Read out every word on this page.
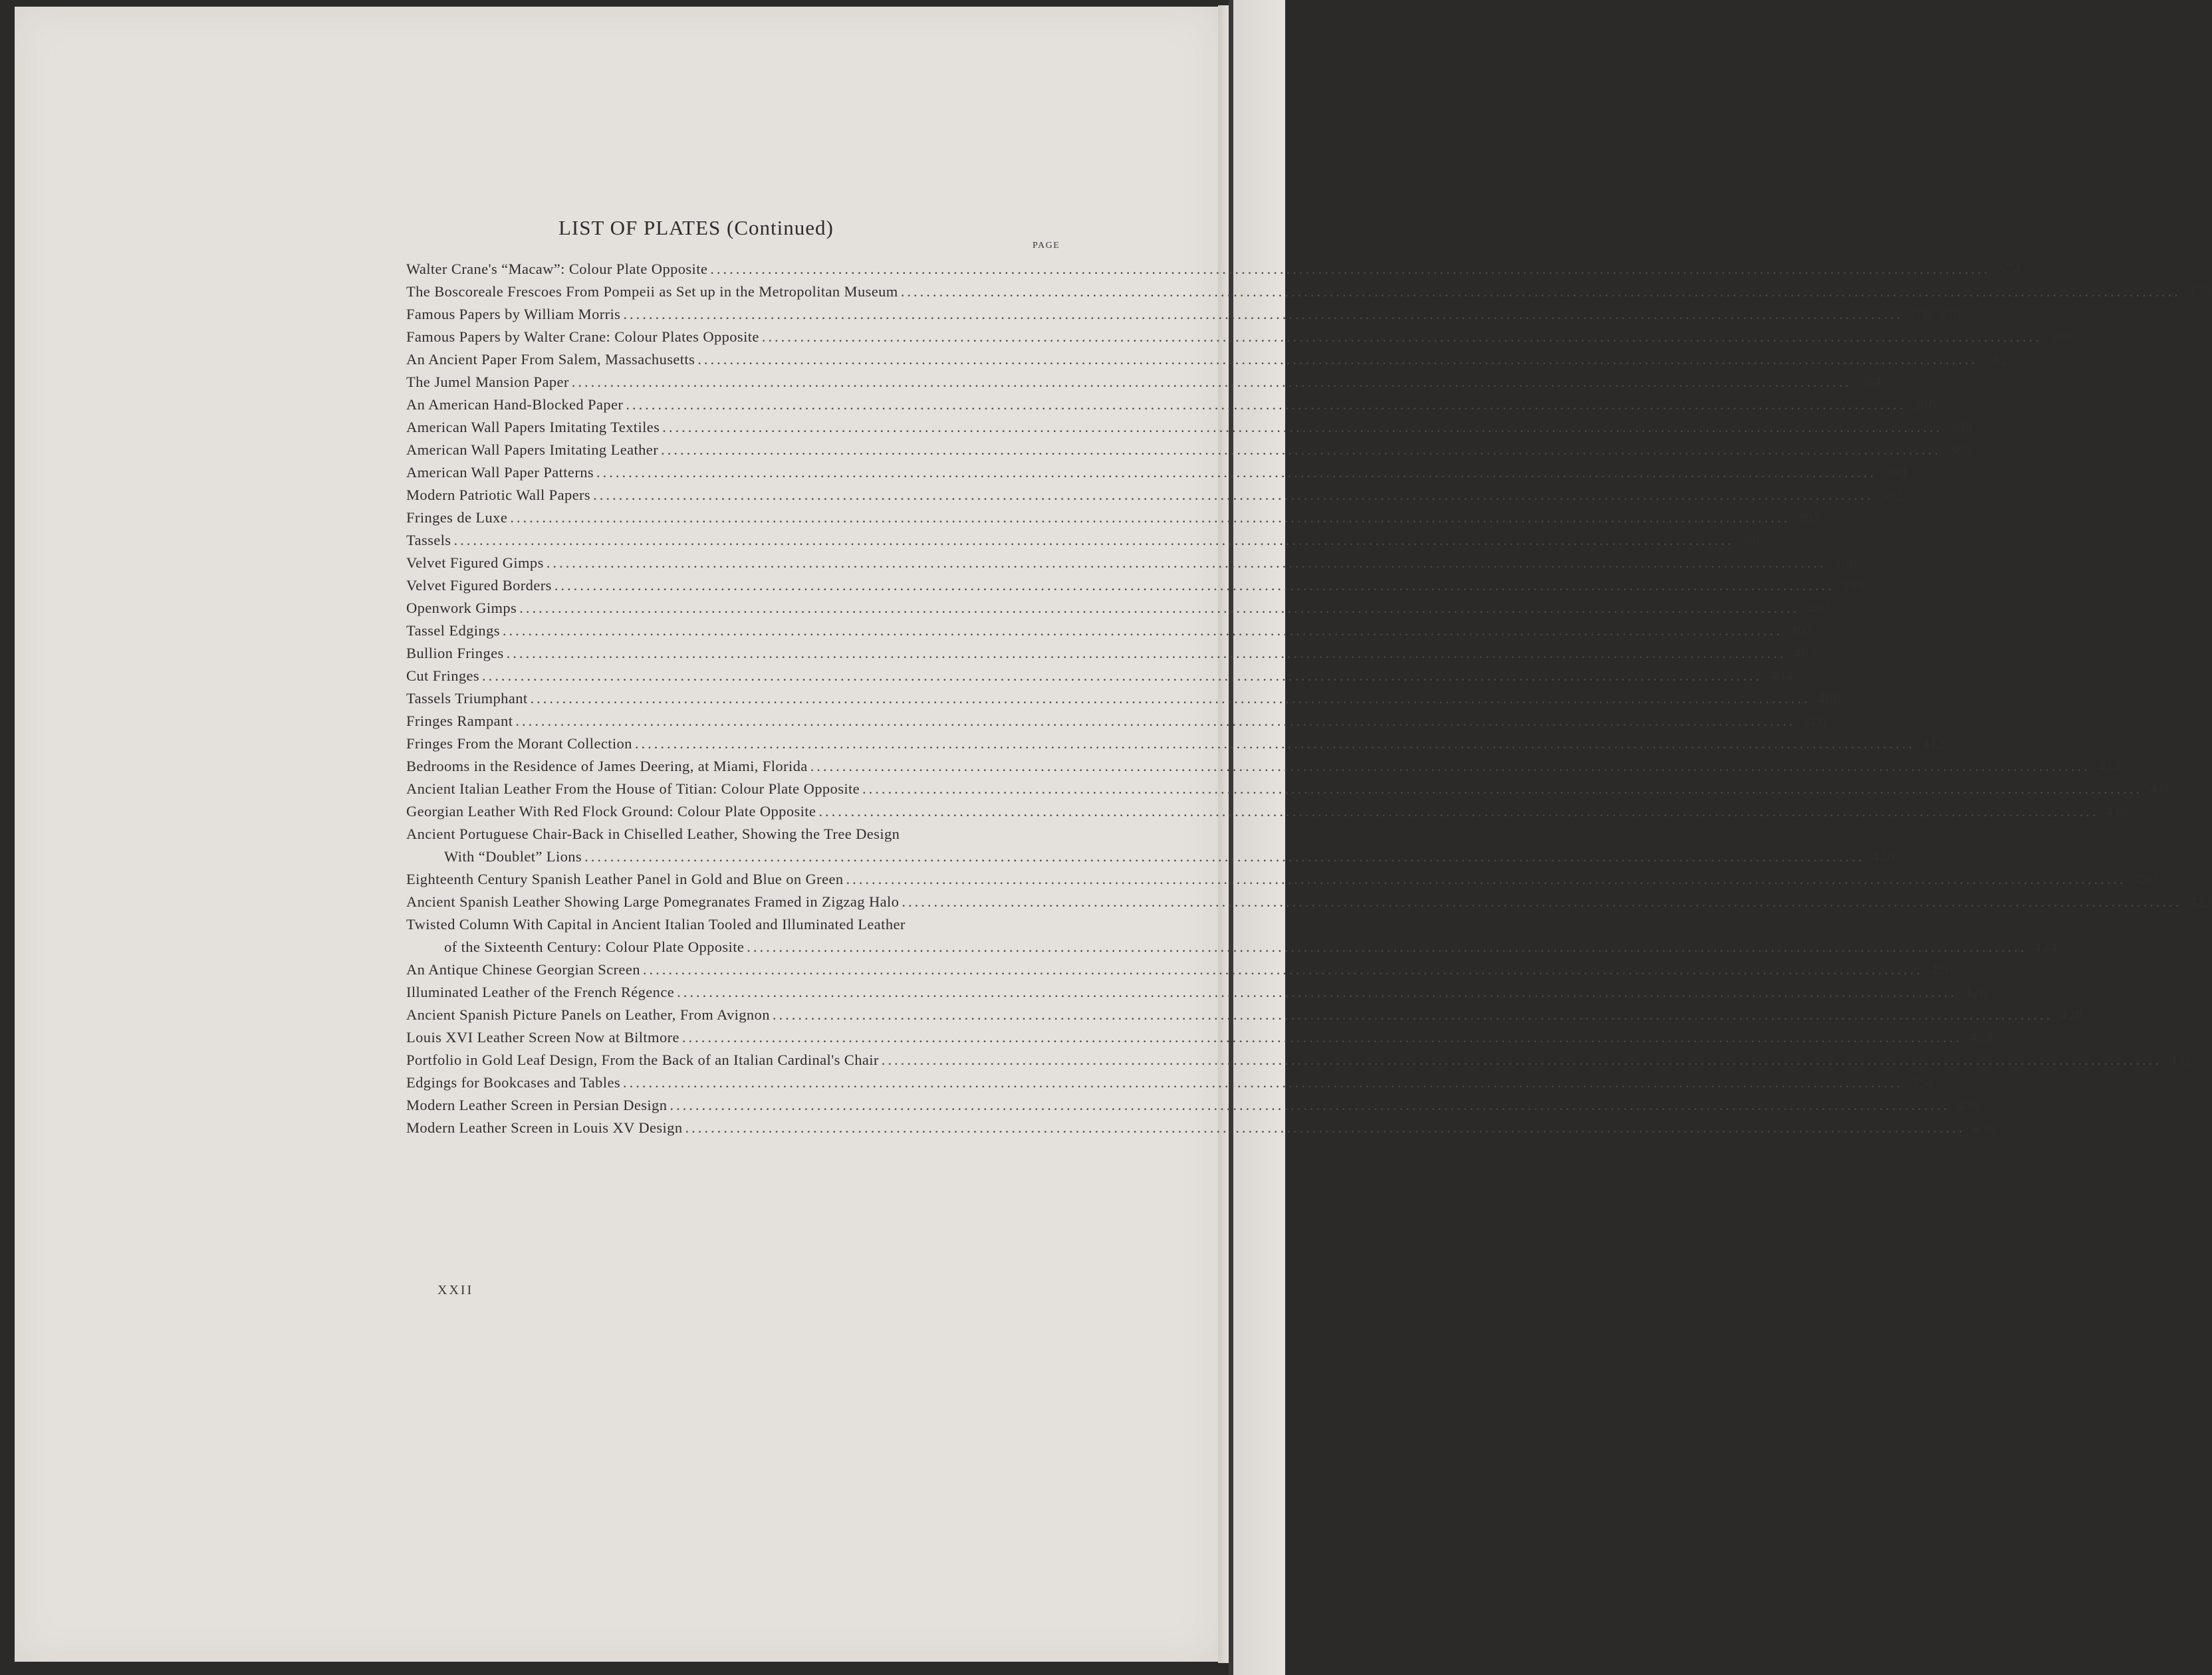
LIST OF PLATES (Continued)
PAGE
Walter Crane's “Macaw”: Colour Plate Opposite ........................................................................................................................................................................................................ 374
The Boscoreale Frescoes From Pompeii as Set up in the Metropolitan Museum ........................................................................................................................................................................................................ 376
Famous Papers by William Morris ........................................................................................................................................................................................................ 378, 379
Famous Papers by Walter Crane: Colour Plates Opposite ........................................................................................................................................................................................................ 380
An Ancient Paper From Salem, Massachusetts ........................................................................................................................................................................................................ 382
The Jumel Mansion Paper ........................................................................................................................................................................................................ 384
An American Hand-Blocked Paper ........................................................................................................................................................................................................ 386
American Wall Papers Imitating Textiles ........................................................................................................................................................................................................ 388
American Wall Papers Imitating Leather ........................................................................................................................................................................................................ 389
American Wall Paper Patterns ........................................................................................................................................................................................................ 390
Modern Patriotic Wall Papers ........................................................................................................................................................................................................ 392
Fringes de Luxe ........................................................................................................................................................................................................ 395
Tassels ........................................................................................................................................................................................................ 396
Velvet Figured Gimps ........................................................................................................................................................................................................ 398
Velvet Figured Borders ........................................................................................................................................................................................................ 399
Openwork Gimps ........................................................................................................................................................................................................ 400
Tassel Edgings ........................................................................................................................................................................................................ 402
Bullion Fringes ........................................................................................................................................................................................................ 403
Cut Fringes ........................................................................................................................................................................................................ 404
Tassels Triumphant ........................................................................................................................................................................................................ 406
Fringes Rampant ........................................................................................................................................................................................................ 410
Fringes From the Morant Collection ........................................................................................................................................................................................................ 412
Bedrooms in the Residence of James Deering, at Miami, Florida ........................................................................................................................................................................................................ 414
Ancient Italian Leather From the House of Titian: Colour Plate Opposite ........................................................................................................................................................................................................ 416
Georgian Leather With Red Flock Ground: Colour Plate Opposite ........................................................................................................................................................................................................ 418
Ancient Portuguese Chair-Back in Chiselled Leather, Showing the Tree Design
With “Doublet” Lions ........................................................................................................................................................................................................ 420
Eighteenth Century Spanish Leather Panel in Gold and Blue on Green ........................................................................................................................................................................................................ 420
Ancient Spanish Leather Showing Large Pomegranates Framed in Zigzag Halo ........................................................................................................................................................................................................ 422
Twisted Column With Capital in Ancient Italian Tooled and Illuminated Leather
of the Sixteenth Century: Colour Plate Opposite ........................................................................................................................................................................................................ 424
An Antique Chinese Georgian Screen ........................................................................................................................................................................................................ 426
Illuminated Leather of the French Régence ........................................................................................................................................................................................................ 426
Ancient Spanish Picture Panels on Leather, From Avignon ........................................................................................................................................................................................................ 428
Louis XVI Leather Screen Now at Biltmore ........................................................................................................................................................................................................ 429
Portfolio in Gold Leaf Design, From the Back of an Italian Cardinal's Chair ........................................................................................................................................................................................................ 432
Edgings for Bookcases and Tables ........................................................................................................................................................................................................ 434
Modern Leather Screen in Persian Design ........................................................................................................................................................................................................ 436
Modern Leather Screen in Louis XV Design ........................................................................................................................................................................................................ 436
XXII
